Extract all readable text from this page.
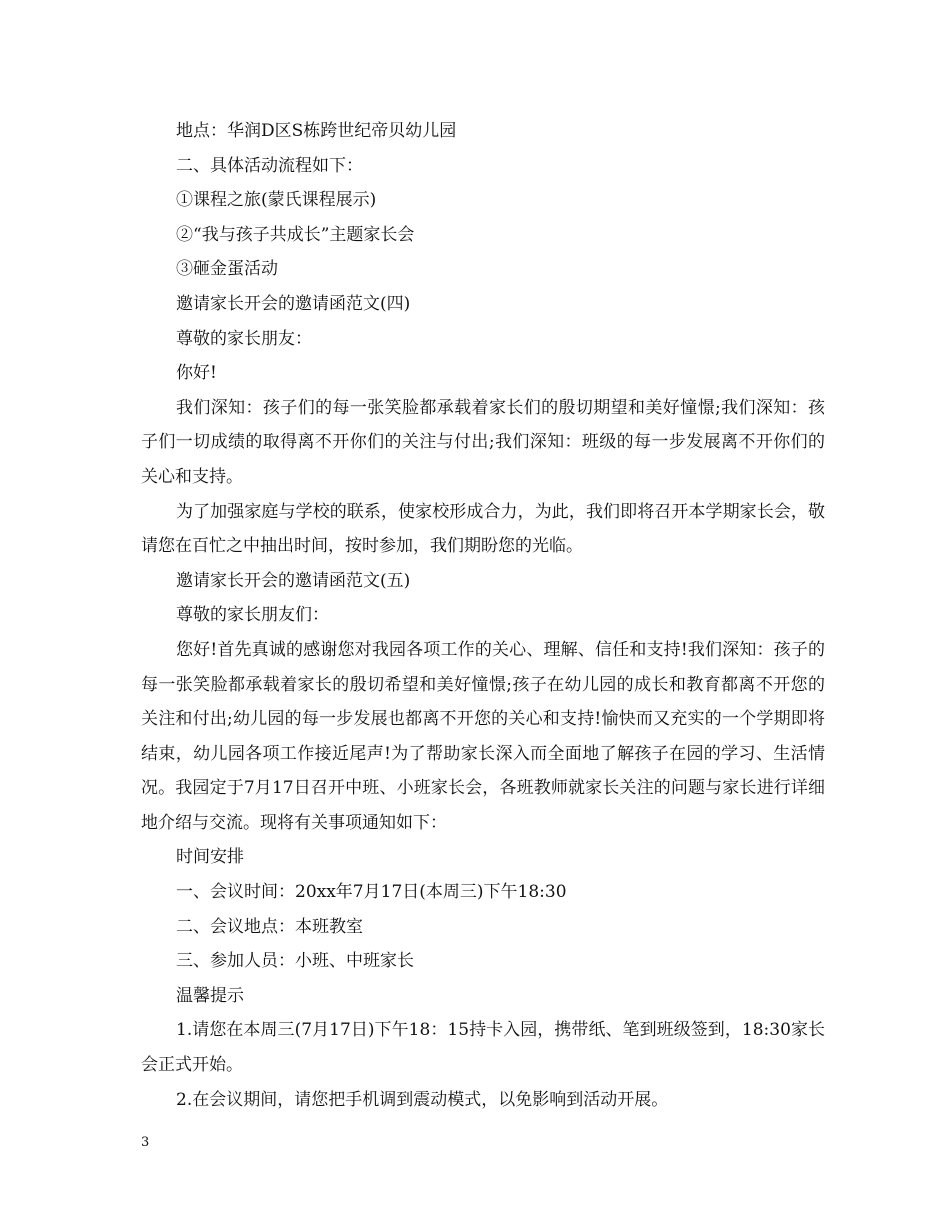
地点：华润D区S栋跨世纪帝贝幼儿园

二、具体活动流程如下：

①课程之旅(蒙氏课程展示)

②“我与孩子共成长”主题家长会

③砸金蛋活动

邀请家长开会的邀请函范文(四)

尊敬的家长朋友：

你好!

我们深知：孩子们的每一张笑脸都承载着家长们的殷切期望和美好憧憬;我们深知：孩子们一切成绩的取得离不开你们的关注与付出;我们深知：班级的每一步发展离不开你们的关心和支持。

为了加强家庭与学校的联系，使家校形成合力，为此，我们即将召开本学期家长会，敬请您在百忙之中抽出时间，按时参加，我们期盼您的光临。

邀请家长开会的邀请函范文(五)

尊敬的家长朋友们：

您好!首先真诚的感谢您对我园各项工作的关心、理解、信任和支持!我们深知：孩子的每一张笑脸都承载着家长的殷切希望和美好憧憬;孩子在幼儿园的成长和教育都离不开您的关注和付出;幼儿园的每一步发展也都离不开您的关心和支持!愉快而又充实的一个学期即将结束，幼儿园各项工作接近尾声!为了帮助家长深入而全面地了解孩子在园的学习、生活情况。我园定于7月17日召开中班、小班家长会，各班教师就家长关注的问题与家长进行详细地介绍与交流。现将有关事项通知如下：

时间安排

一、会议时间：20xx年7月17日(本周三)下午18:30

二、会议地点：本班教室

三、参加人员：小班、中班家长

温馨提示

1.请您在本周三(7月17日)下午18：15持卡入园，携带纸、笔到班级签到，18:30家长会正式开始。

2.在会议期间，请您把手机调到震动模式，以免影响到活动开展。

3
